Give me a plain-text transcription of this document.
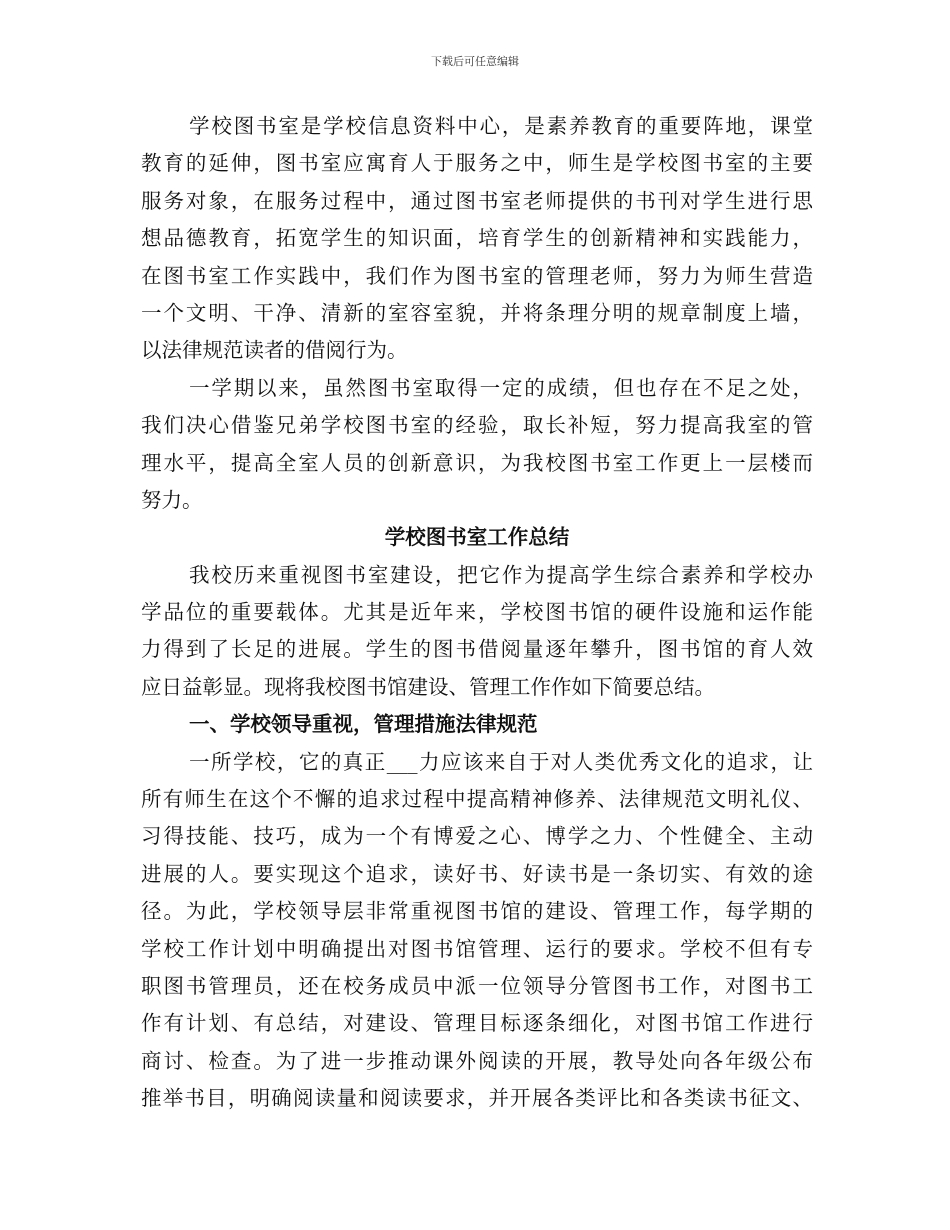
下载后可任意编辑
学校图书室是学校信息资料中心，是素养教育的重要阵地，课堂
教育的延伸，图书室应寓育人于服务之中，师生是学校图书室的主要
服务对象，在服务过程中，通过图书室老师提供的书刊对学生进行思
想品德教育，拓宽学生的知识面，培育学生的创新精神和实践能力，
在图书室工作实践中，我们作为图书室的管理老师，努力为师生营造
一个文明、干净、清新的室容室貌，并将条理分明的规章制度上墙，
以法律规范读者的借阅行为。
一学期以来，虽然图书室取得一定的成绩，但也存在不足之处，
我们决心借鉴兄弟学校图书室的经验，取长补短，努力提高我室的管
理水平，提高全室人员的创新意识，为我校图书室工作更上一层楼而
努力。
学校图书室工作总结
我校历来重视图书室建设，把它作为提高学生综合素养和学校办
学品位的重要载体。尤其是近年来，学校图书馆的硬件设施和运作能
力得到了长足的进展。学生的图书借阅量逐年攀升，图书馆的育人效
应日益彰显。现将我校图书馆建设、管理工作作如下简要总结。
一、学校领导重视，管理措施法律规范
一所学校，它的真正___力应该来自于对人类优秀文化的追求，让
所有师生在这个不懈的追求过程中提高精神修养、法律规范文明礼仪、
习得技能、技巧，成为一个有博爱之心、博学之力、个性健全、主动
进展的人。要实现这个追求，读好书、好读书是一条切实、有效的途
径。为此，学校领导层非常重视图书馆的建设、管理工作，每学期的
学校工作计划中明确提出对图书馆管理、运行的要求。学校不但有专
职图书管理员，还在校务成员中派一位领导分管图书工作，对图书工
作有计划、有总结，对建设、管理目标逐条细化，对图书馆工作进行
商讨、检查。为了进一步推动课外阅读的开展，教导处向各年级公布
推举书目，明确阅读量和阅读要求，并开展各类评比和各类读书征文、
